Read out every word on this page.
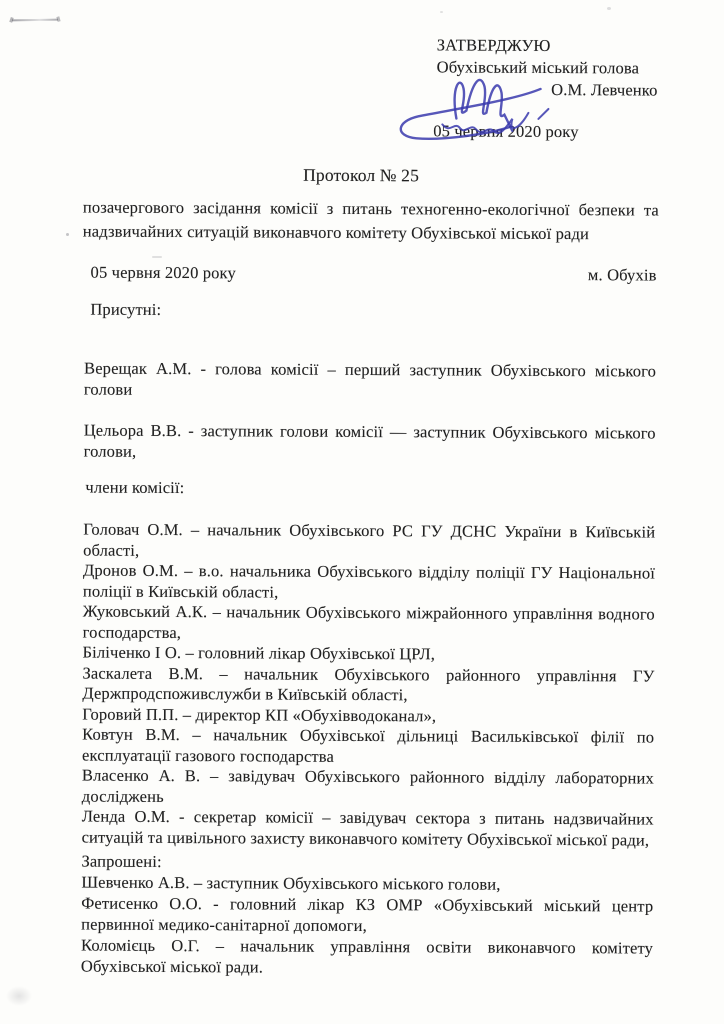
ЗАТВЕРДЖУЮ
Обухівський міський голова
О.М. Левченко
05 червня 2020 року
Протокол № 25

позачергового засідання комісії з питань техногенно-екологічної безпеки та надзвичайних ситуацій виконавчого комітету Обухівської міської ради

05 червня 2020 року	м. Обухів

Присутні:

Верещак А.М. - голова комісії – перший заступник Обухівського міського голови

Цельора В.В. - заступник голови комісії — заступник Обухівського міського голови,

члени комісії:

Головач О.М. – начальник Обухівського РС ГУ ДСНС України в Київській області,

Дронов О.М. – в.о. начальника Обухівського відділу поліції ГУ Національної поліції в Київській області,

Жуковський А.К. – начальник Обухівського міжрайонного управління водного господарства,

Біліченко І О. – головний лікар Обухівської ЦРЛ,

Заскалета В.М. – начальник Обухівського районного управління ГУ Держпродспоживслужби в Київській області,

Горовий П.П. – директор КП «Обухівводоканал»,

Ковтун В.М. – начальник Обухівської дільниці Васильківської філії по експлуатації газового господарства

Власенко А. В. – завідувач Обухівського районного відділу лабораторних досліджень

Ленда О.М. - секретар комісії – завідувач сектора з питань надзвичайних ситуацій та цивільного захисту виконавчого комітету Обухівської міської ради,

Запрошені:

Шевченко А.В. – заступник Обухівського міського голови,

Фетисенко О.О. - головний лікар КЗ ОМР «Обухівський міський центр первинної медико-санітарної допомоги,

Коломієць О.Г. – начальник управління освіти виконавчого комітету Обухівської міської ради.
